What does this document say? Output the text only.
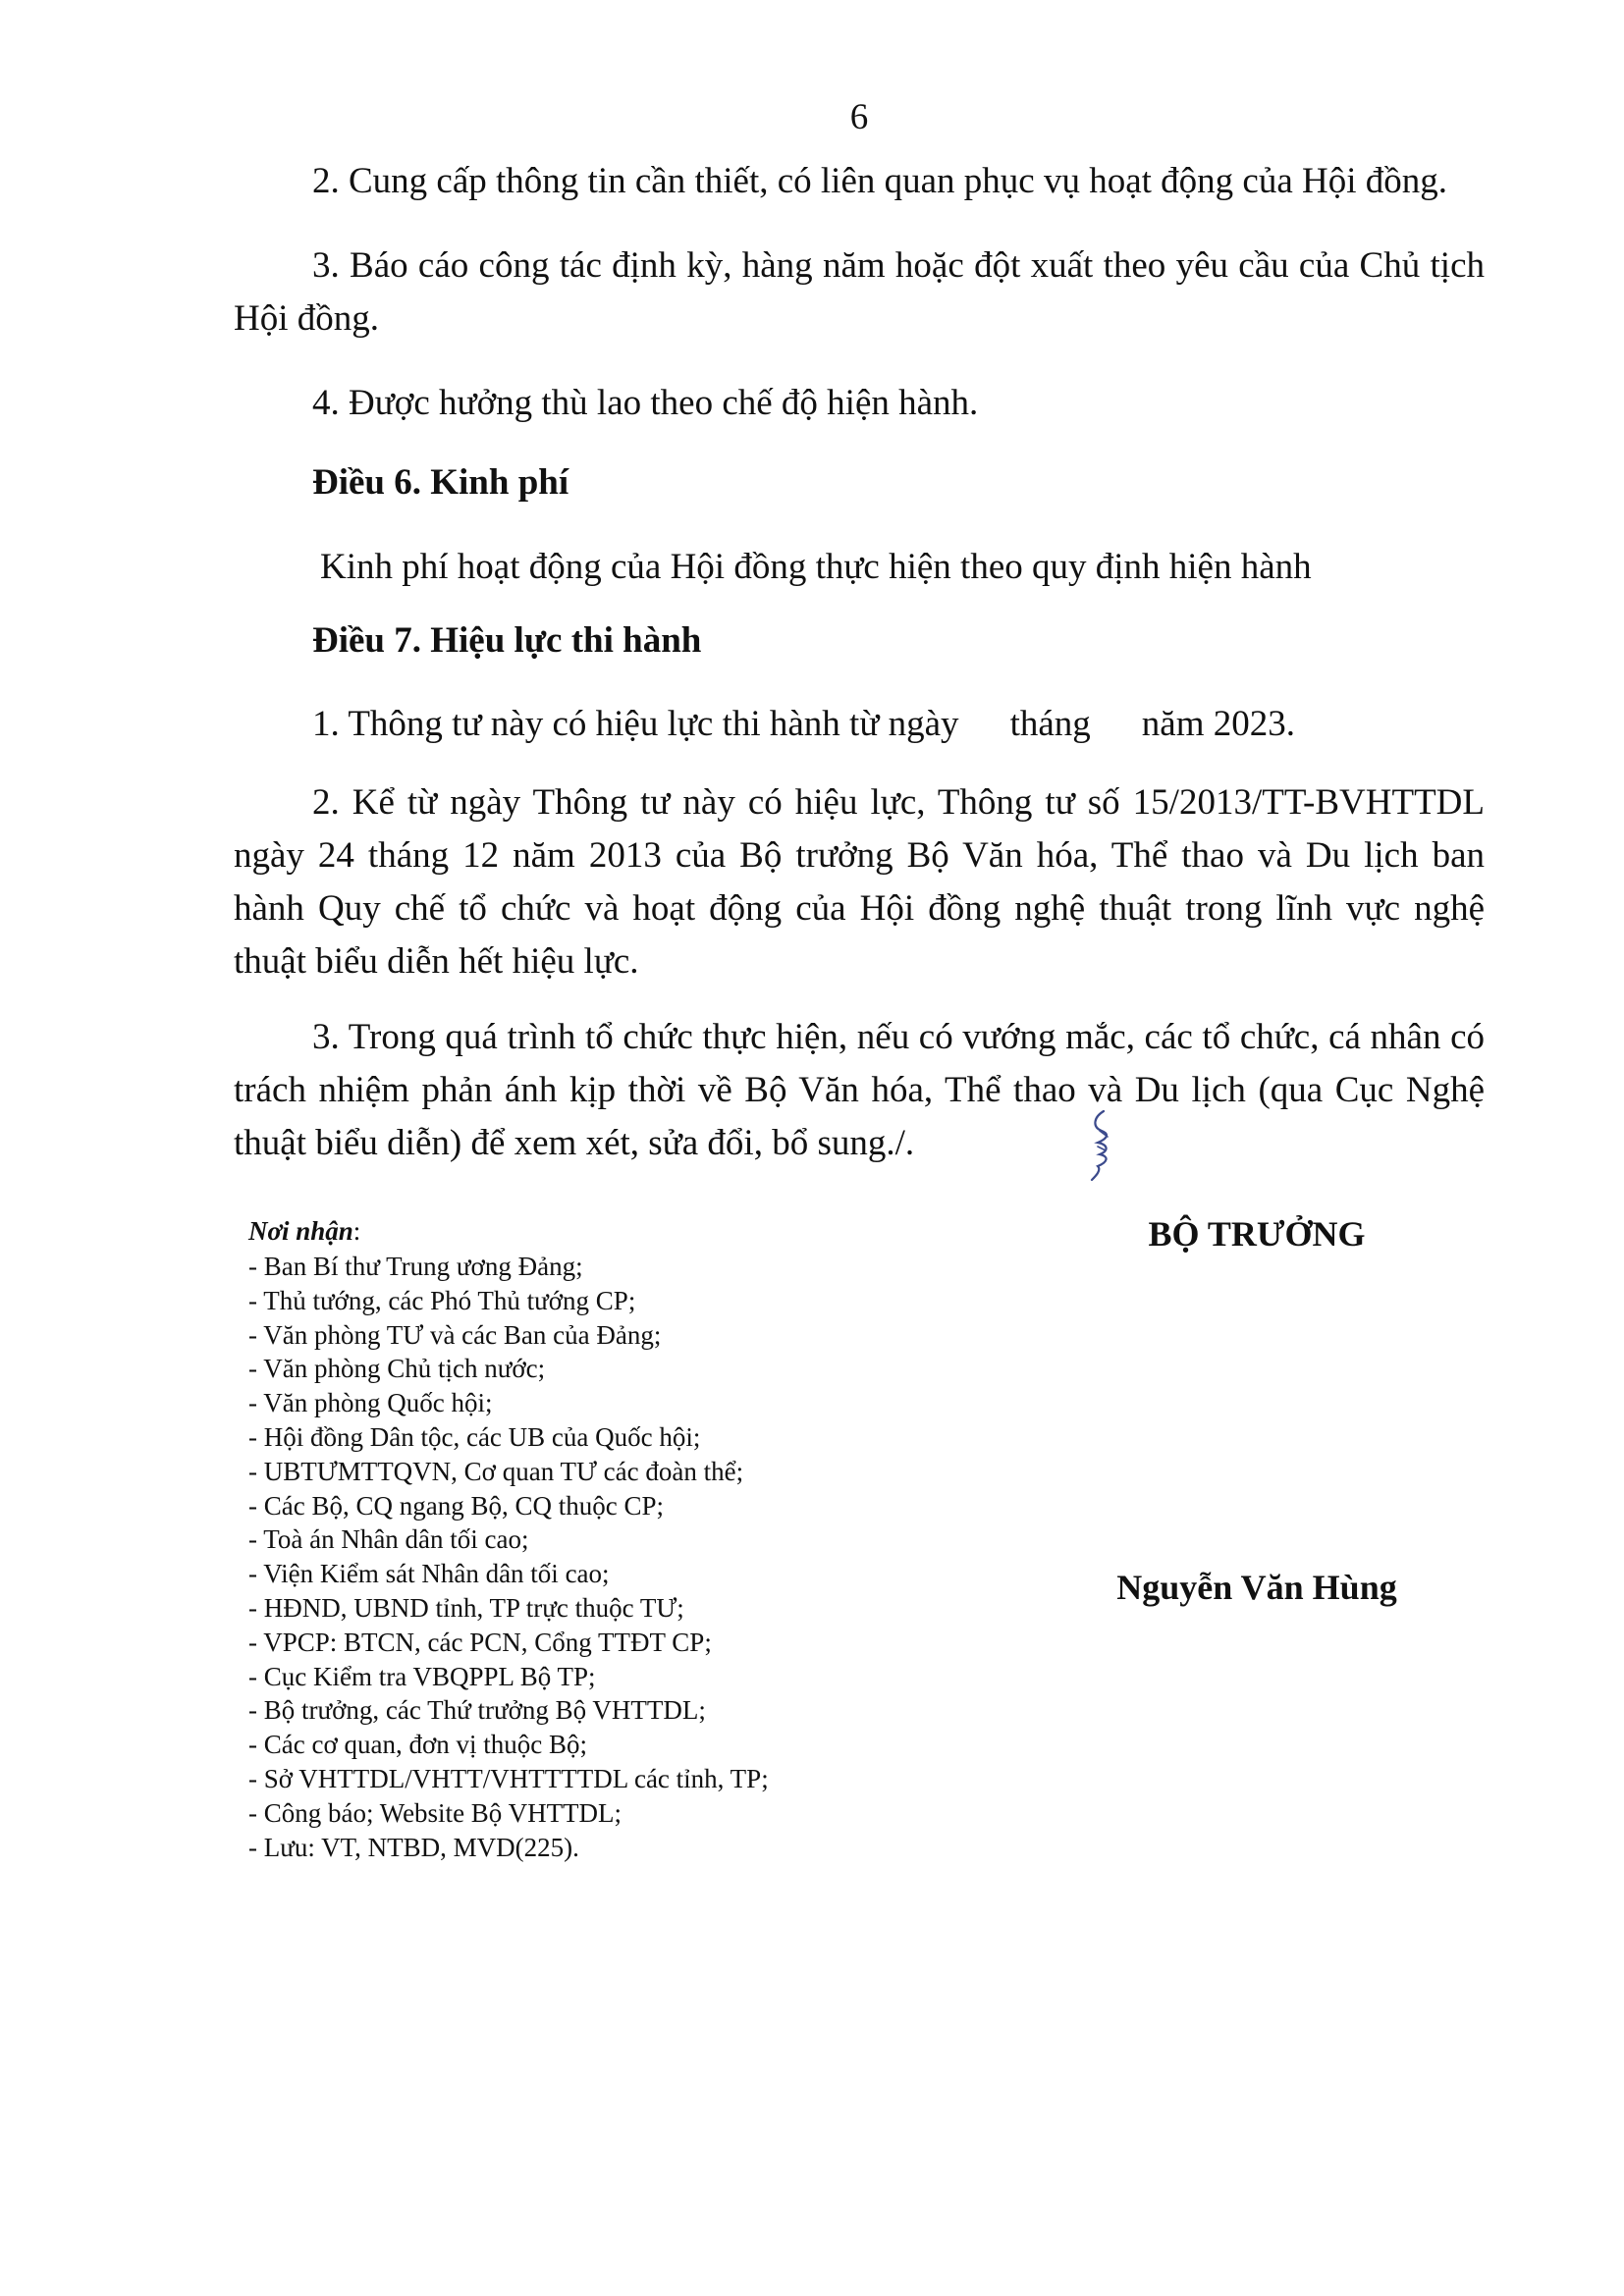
6

2. Cung cấp thông tin cần thiết, có liên quan phục vụ hoạt động của Hội đồng.

3. Báo cáo công tác định kỳ, hàng năm hoặc đột xuất theo yêu cầu của Chủ tịch Hội đồng.

4. Được hưởng thù lao theo chế độ hiện hành.

Điều 6. Kinh phí

Kinh phí hoạt động của Hội đồng thực hiện theo quy định hiện hành

Điều 7. Hiệu lực thi hành

1. Thông tư này có hiệu lực thi hành từ ngày tháng năm 2023.

2. Kể từ ngày Thông tư này có hiệu lực, Thông tư số 15/2013/TT-BVHTTDL ngày 24 tháng 12 năm 2013 của Bộ trưởng Bộ Văn hóa, Thể thao và Du lịch ban hành Quy chế tổ chức và hoạt động của Hội đồng nghệ thuật trong lĩnh vực nghệ thuật biểu diễn hết hiệu lực.

3. Trong quá trình tổ chức thực hiện, nếu có vướng mắc, các tổ chức, cá nhân có trách nhiệm phản ánh kịp thời về Bộ Văn hóa, Thể thao và Du lịch (qua Cục Nghệ thuật biểu diễn) để xem xét, sửa đổi, bổ sung./.

Nơi nhận:
- Ban Bí thư Trung ương Đảng;
- Thủ tướng, các Phó Thủ tướng CP;
- Văn phòng TƯ và các Ban của Đảng;
- Văn phòng Chủ tịch nước;
- Văn phòng Quốc hội;
- Hội đồng Dân tộc, các UB của Quốc hội;
- UBTƯMTTQVN, Cơ quan TƯ các đoàn thể;
- Các Bộ, CQ ngang Bộ, CQ thuộc CP;
- Toà án Nhân dân tối cao;
- Viện Kiểm sát Nhân dân tối cao;
- HĐND, UBND tỉnh, TP trực thuộc TƯ;
- VPCP: BTCN, các PCN, Cổng TTĐT CP;
- Cục Kiểm tra VBQPPL Bộ TP;
- Bộ trưởng, các Thứ trưởng Bộ VHTTDL;
- Các cơ quan, đơn vị thuộc Bộ;
- Sở VHTTDL/VHTT/VHTTTTDL các tỉnh, TP;
- Công báo; Website Bộ VHTTDL;
- Lưu: VT, NTBD, MVD(225).
BỘ TRƯỞNG
Nguyễn Văn Hùng
